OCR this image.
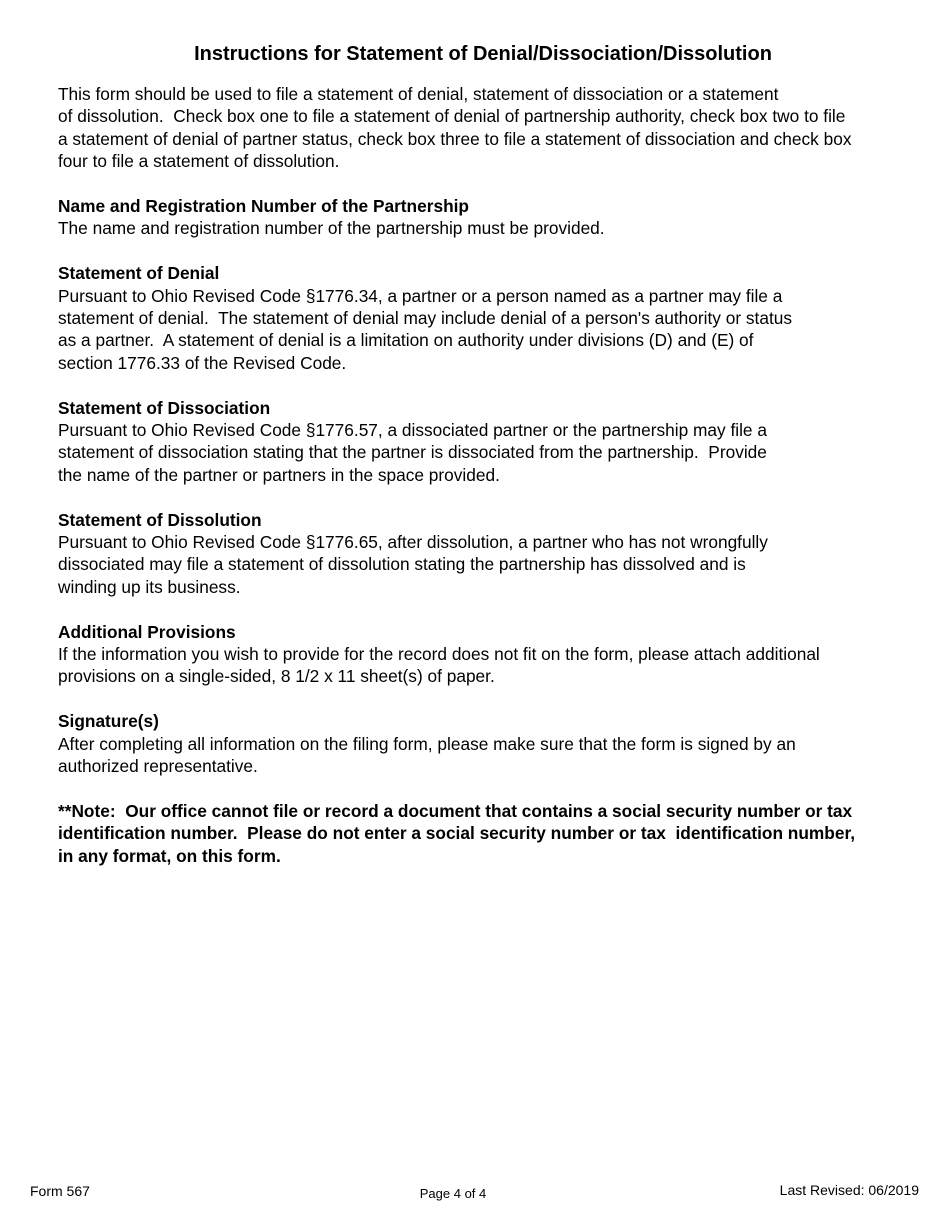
Instructions for Statement of Denial/Dissociation/Dissolution

This form should be used to file a statement of denial, statement of dissociation or a statement
of dissolution.  Check box one to file a statement of denial of partnership authority, check box two to file
a statement of denial of partner status, check box three to file a statement of dissociation and check box
four to file a statement of dissolution.

Name and Registration Number of the Partnership
The name and registration number of the partnership must be provided.
Statement of Denial
Pursuant to Ohio Revised Code §1776.34, a partner or a person named as a partner may file a
statement of denial.  The statement of denial may include denial of a person's authority or status
as a partner.  A statement of denial is a limitation on authority under divisions (D) and (E) of
section 1776.33 of the Revised Code.
Statement of Dissociation
Pursuant to Ohio Revised Code §1776.57, a dissociated partner or the partnership may file a
statement of dissociation stating that the partner is dissociated from the partnership.  Provide
the name of the partner or partners in the space provided.
Statement of Dissolution
Pursuant to Ohio Revised Code §1776.65, after dissolution, a partner who has not wrongfully
dissociated may file a statement of dissolution stating the partnership has dissolved and is
winding up its business.
Additional Provisions
If the information you wish to provide for the record does not fit on the form, please attach additional
provisions on a single-sided, 8 1/2 x 11 sheet(s) of paper.
Signature(s)
After completing all information on the filing form, please make sure that the form is signed by an
authorized representative.

**Note:  Our office cannot file or record a document that contains a social security number or tax
identification number.  Please do not enter a social security number or tax  identification number,
in any format, on this form.

Form 567	Page 4 of 4	Last Revised: 06/2019
